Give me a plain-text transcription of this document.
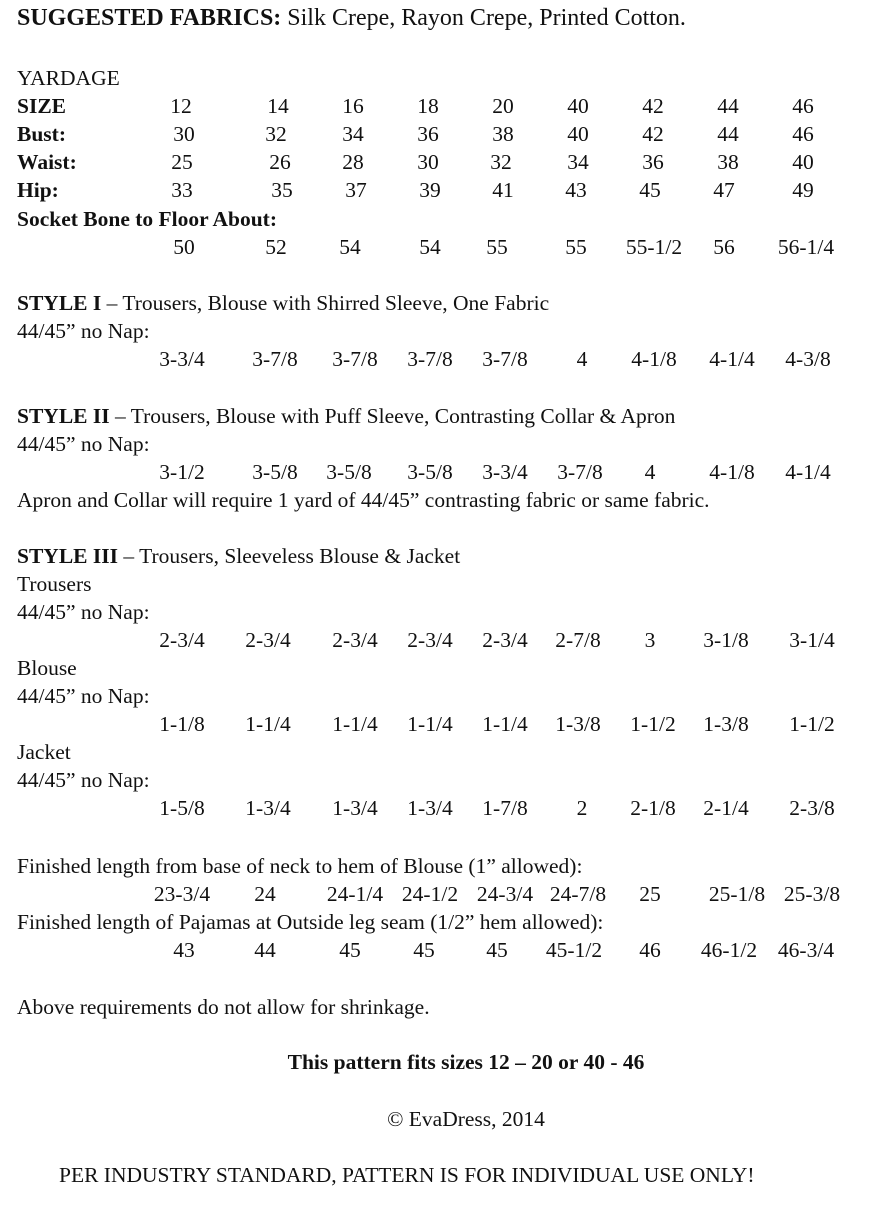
SUGGESTED FABRICS: Silk Crepe, Rayon Crepe, Printed Cotton.
YARDAGE
SIZE	12	14 16 18 20 40 42 44 46
Bust:	30	32	34 36 38 40 42 44 46
Waist:	25	26 28 30 32	34 36 38 40
Hip:	33	35 37 39 41 43 45 47	49
Socket Bone to Floor About:
50	52 54	54 55	55 55-1/2 56 56-1/4
STYLE I – Trousers, Blouse with Shirred Sleeve, One Fabric
44/45” no Nap:
3-3/4 3-7/8 3-7/8 3-7/8 3-7/8 4 4-1/8 4-1/4 4-3/8
STYLE II – Trousers, Blouse with Puff Sleeve, Contrasting Collar & Apron
44/45” no Nap:
3-1/2 3-5/8 3-5/8 3-5/8 3-3/4 3-7/8 4	4-1/8 4-1/4
Apron and Collar will require 1 yard of 44/45” contrasting fabric or same fabric.
STYLE III – Trousers, Sleeveless Blouse & Jacket
Trousers
44/45” no Nap:
2-3/4 2-3/4 2-3/4 2-3/4 2-3/4 2-7/8 3 3-1/8 3-1/4
Blouse
44/45” no Nap:
1-1/8 1-1/4 1-1/4 1-1/4 1-1/4 1-3/8 1-1/2 1-3/8 1-1/2
Jacket
44/45” no Nap:
1-5/8 1-3/4 1-3/4 1-3/4 1-7/8 2 2-1/8 2-1/4 2-3/8
Finished length from base of neck to hem of Blouse (1” allowed):
23-3/4 24 24-1/4 24-1/2 24-3/4 24-7/8 25 25-1/8 25-3/8
Finished length of Pajamas at Outside leg seam (1/2” hem allowed):
43	44	45 45 45 45-1/2 46 46-1/2 46-3/4
Above requirements do not allow for shrinkage.
This pattern fits sizes 12 – 20 or 40 - 46
© EvaDress, 2014
PER INDUSTRY STANDARD, PATTERN IS FOR INDIVIDUAL USE ONLY!
